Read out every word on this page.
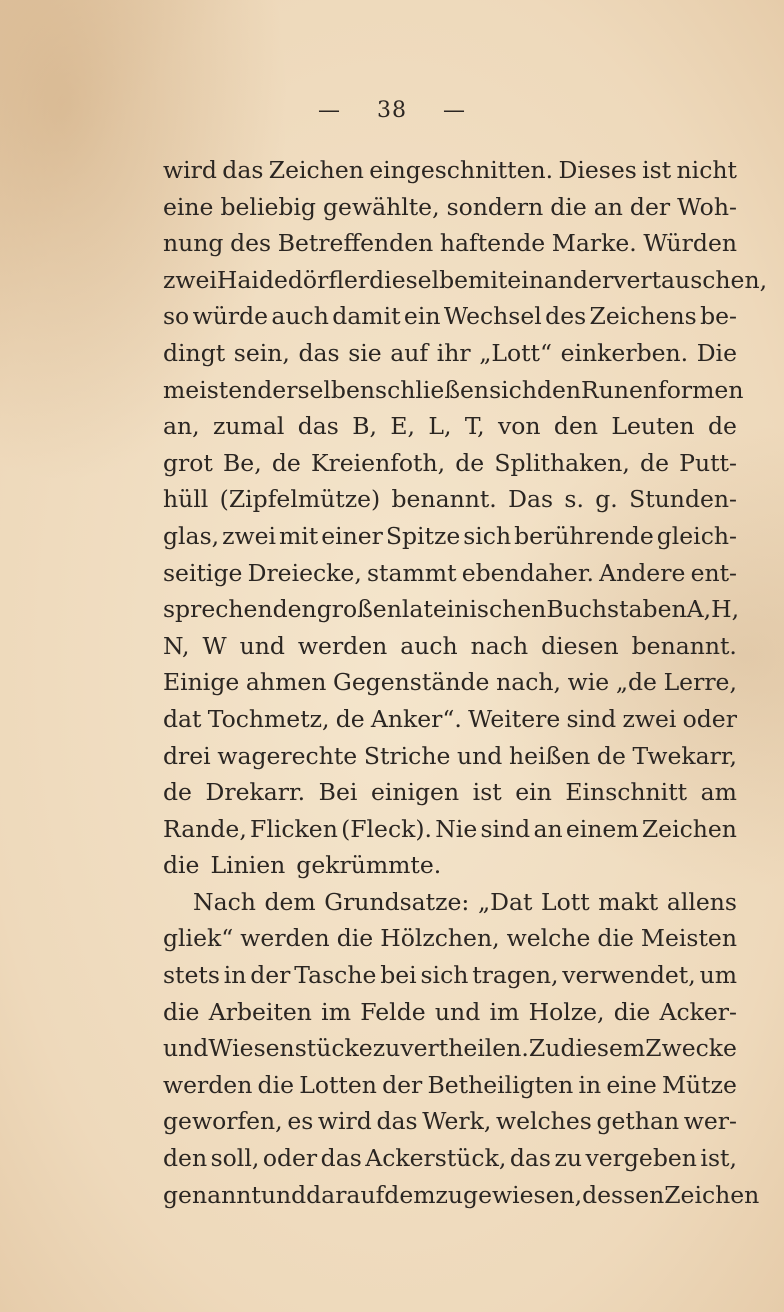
— 38 —
wird das Zeichen eingeschnitten. Dieses ist nicht
eine beliebig gewählte, sondern die an der Woh-
nung des Betreffenden haftende Marke. Würden
zwei Haidedörfler dieselbe mit einander vertauschen,
so würde auch damit ein Wechsel des Zeichens be-
dingt sein, das sie auf ihr „Lott“ einkerben. Die
meisten derselben schließen sich den Runenformen
an, zumal das B, E, L, T, von den Leuten de
grot Be, de Kreienfoth, de Splithaken, de Putt-
hüll (Zipfelmütze) benannt. Das s. g. Stunden-
glas, zwei mit einer Spitze sich berührende gleich-
seitige Dreiecke, stammt ebendaher. Andere ent-
sprechen den großen lateinischen Buchstaben A, H,
N, W und werden auch nach diesen benannt.
Einige ahmen Gegenstände nach, wie „de Lerre,
dat Tochmetz, de Anker“. Weitere sind zwei oder
drei wagerechte Striche und heißen de Twekarr,
de Drekarr. Bei einigen ist ein Einschnitt am
Rande, Flicken (Fleck). Nie sind an einem Zeichen
die Linien gekrümmte.
Nach dem Grundsatze: „Dat Lott makt allens
gliek“ werden die Hölzchen, welche die Meisten
stets in der Tasche bei sich tragen, verwendet, um
die Arbeiten im Felde und im Holze, die Acker-
und Wiesenstücke zu vertheilen. Zu diesem Zwecke
werden die Lotten der Betheiligten in eine Mütze
geworfen, es wird das Werk, welches gethan wer-
den soll, oder das Ackerstück, das zu vergeben ist,
genannt und darauf dem zugewiesen, dessen Zeichen
